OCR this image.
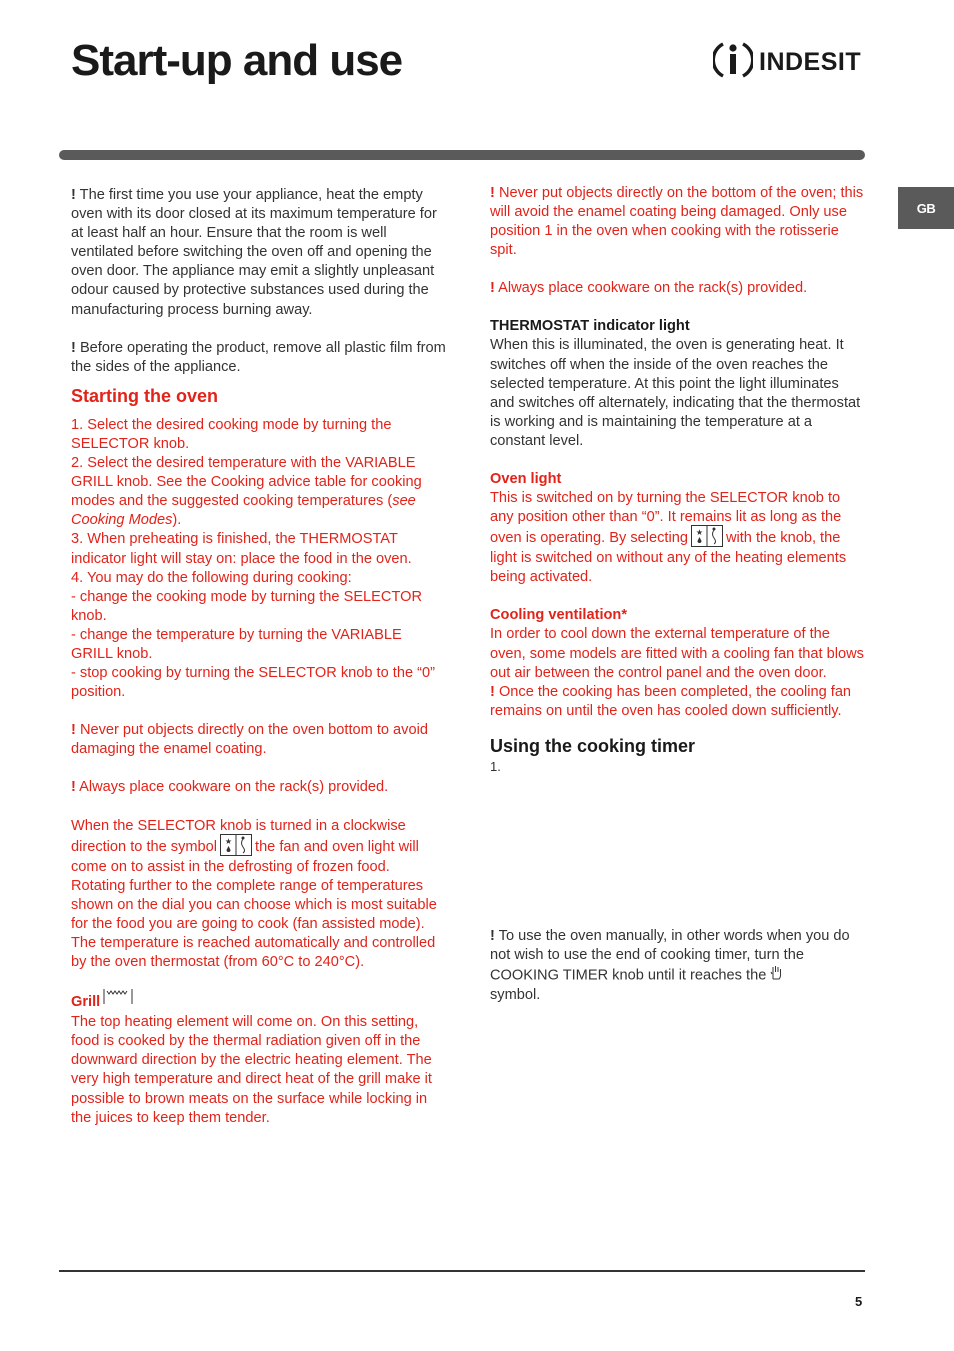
Start-up and use	INDESIT
GB

! The first time you use your appliance, heat the empty oven with its door closed at its maximum temperature for at least half an hour. Ensure that the room is well ventilated before switching the oven off and opening the oven door. The appliance may emit a slightly unpleasant odour caused by protective substances used during the manufacturing process burning away.

! Before operating the product, remove all plastic film from the sides of the appliance.

Starting the oven

1. Select the desired cooking mode by turning the SELECTOR knob.

2. Select the desired temperature with the VARIABLE GRILL knob. See the Cooking advice table for cooking modes and the suggested cooking temperatures (see Cooking Modes).

3. When preheating is finished, the THERMOSTAT indicator light will stay on: place the food in the oven.

4. You may do the following during cooking:

- change the cooking mode by turning the SELECTOR knob.

- change the temperature by turning the VARIABLE GRILL knob.

- stop cooking by turning the SELECTOR knob to the “0” position.

! Never put objects directly on the oven bottom to avoid damaging the enamel coating.

! Always place cookware on the rack(s) provided.

When the SELECTOR knob is turned in a clockwise direction to the symbol ★ the fan and oven light will come on to assist in the defrosting of frozen food. Rotating further to the complete range of temperatures shown on the dial you can choose which is most suitable for the food you are going to cook (fan assisted mode). The temperature is reached automatically and controlled by the oven thermostat (from 60°C to 240°C).

Grill

The top heating element will come on. On this setting, food is cooked by the thermal radiation given off in the downward direction by the electric heating element. The very high temperature and direct heat of the grill make it possible to brown meats on the surface while locking in the juices to keep them tender.

! Never put objects directly on the bottom of the oven; this will avoid the enamel coating being damaged. Only use position 1 in the oven when cooking with the rotisserie spit.

! Always place cookware on the rack(s) provided.

THERMOSTAT indicator light

When this is illuminated, the oven is generating heat. It switches off when the inside of the oven reaches the selected temperature. At this point the light illuminates and switches off alternately, indicating that the thermostat is working and is maintaining the temperature at a constant level.

Oven light

This is switched on by turning the SELECTOR knob to any position other than “0”. It remains lit as long as the oven is operating. By selecting ★ with the knob, the light is switched on without any of the heating elements being activated.

Cooling ventilation*

In order to cool down the external temperature of the oven, some models are fitted with a cooling fan that blows out air between the control panel and the oven door.

! Once the cooking has been completed, the cooling fan remains on until the oven has cooled down sufficiently.

Using the cooking timer

1.

! To use the oven manually, in other words when you do not wish to use the end of cooking timer, turn the COOKING TIMER knob until it reaches the
symbol.

5
